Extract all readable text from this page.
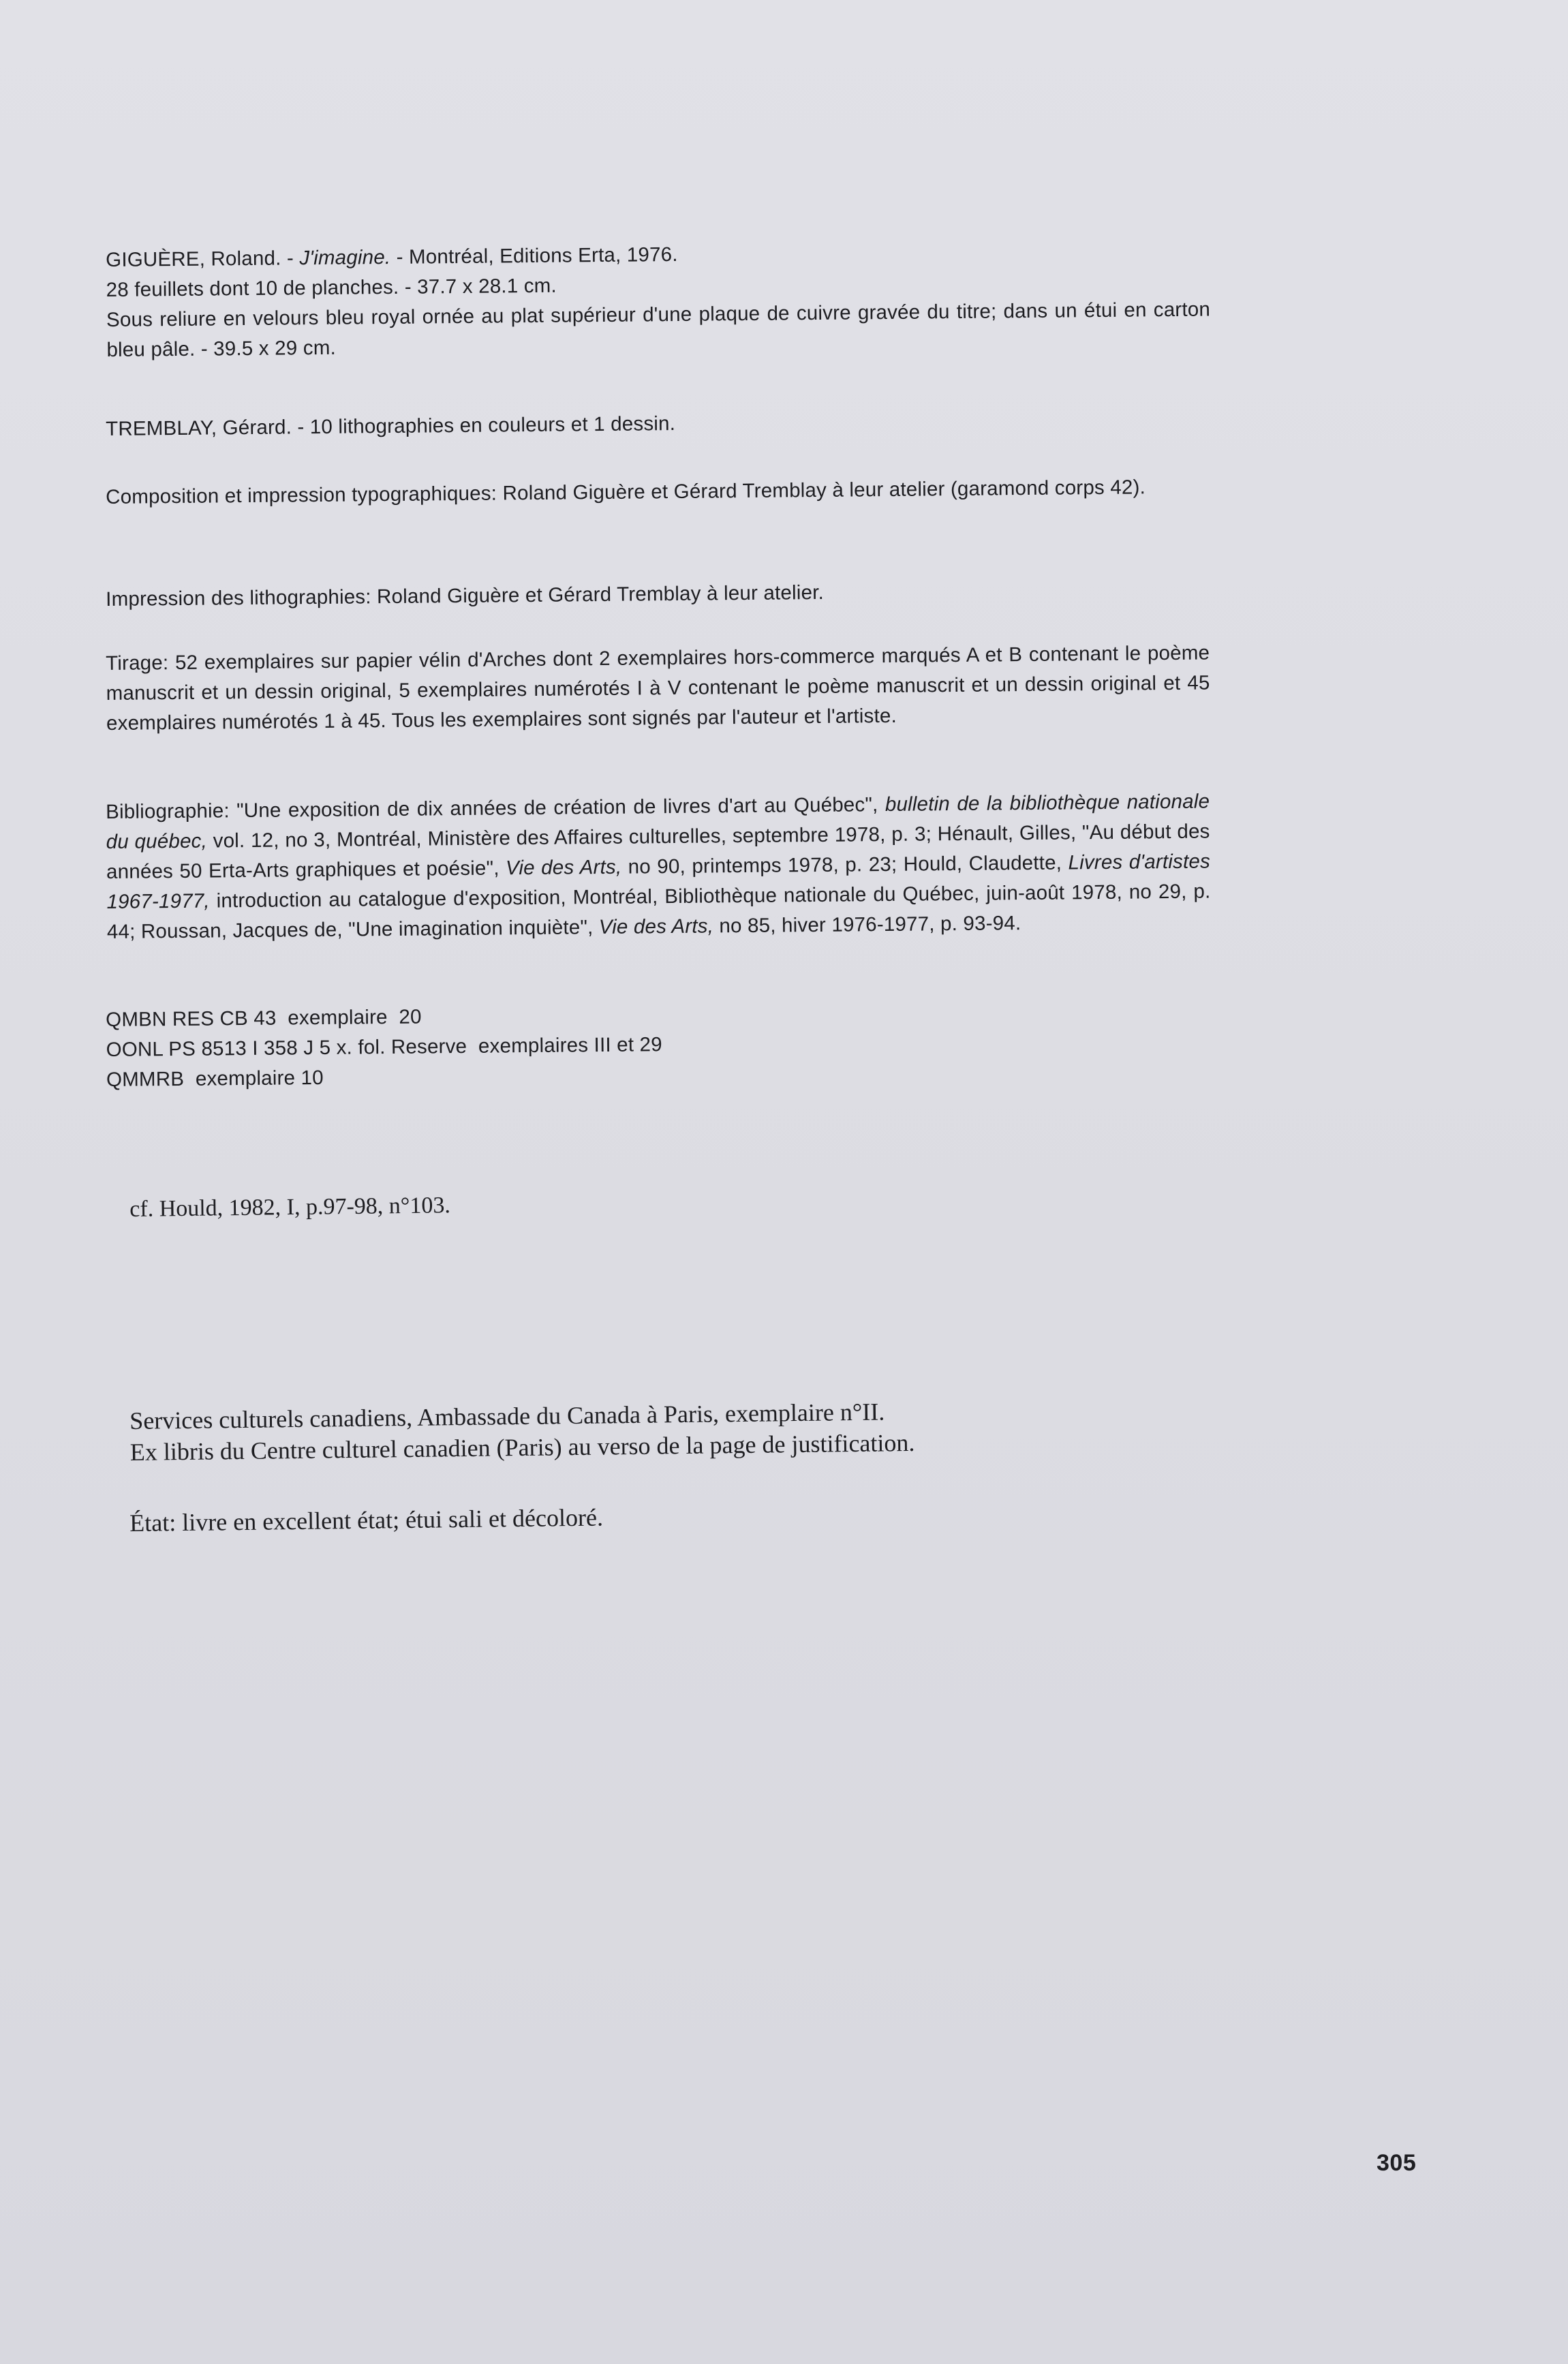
GIGUÈRE, Roland. - J'imagine. - Montréal, Editions Erta, 1976.

28 feuillets dont 10 de planches. - 37.7 x 28.1 cm.

Sous reliure en velours bleu royal ornée au plat supérieur d'une plaque de cuivre gravée du titre; dans un étui en carton bleu pâle. - 39.5 x 29 cm.

TREMBLAY, Gérard. - 10 lithographies en couleurs et 1 dessin.

Composition et impression typographiques: Roland Giguère et Gérard Tremblay à leur atelier (garamond corps 42).

Impression des lithographies: Roland Giguère et Gérard Tremblay à leur atelier.

Tirage: 52 exemplaires sur papier vélin d'Arches dont 2 exemplaires hors-commerce marqués A et B contenant le poème manuscrit et un dessin original, 5 exemplaires numérotés I à V contenant le poème manuscrit et un dessin original et 45 exemplaires numérotés 1 à 45. Tous les exemplaires sont signés par l'auteur et l'artiste.

Bibliographie: "Une exposition de dix années de création de livres d'art au Québec", bulletin de la bibliothèque nationale du québec, vol. 12, no 3, Montréal, Ministère des Affaires culturelles, septembre 1978, p. 3; Hénault, Gilles, "Au début des années 50 Erta-Arts graphiques et poésie", Vie des Arts, no 90, printemps 1978, p. 23; Hould, Claudette, Livres d'artistes 1967-1977, introduction au catalogue d'exposition, Montréal, Bibliothèque nationale du Québec, juin-août 1978, no 29, p. 44; Roussan, Jacques de, "Une imagination inquiète", Vie des Arts, no 85, hiver 1976-1977, p. 93-94.

QMBN RES CB 43  exemplaire  20

OONL PS 8513 I 358 J 5 x. fol. Reserve  exemplaires III et 29

QMMRB  exemplaire 10

cf. Hould, 1982, I, p.97-98, n°103.

Services culturels canadiens, Ambassade du Canada à Paris, exemplaire n°II.

Ex libris du Centre culturel canadien (Paris) au verso de la page de justification.

État: livre en excellent état; étui sali et décoloré.

305
